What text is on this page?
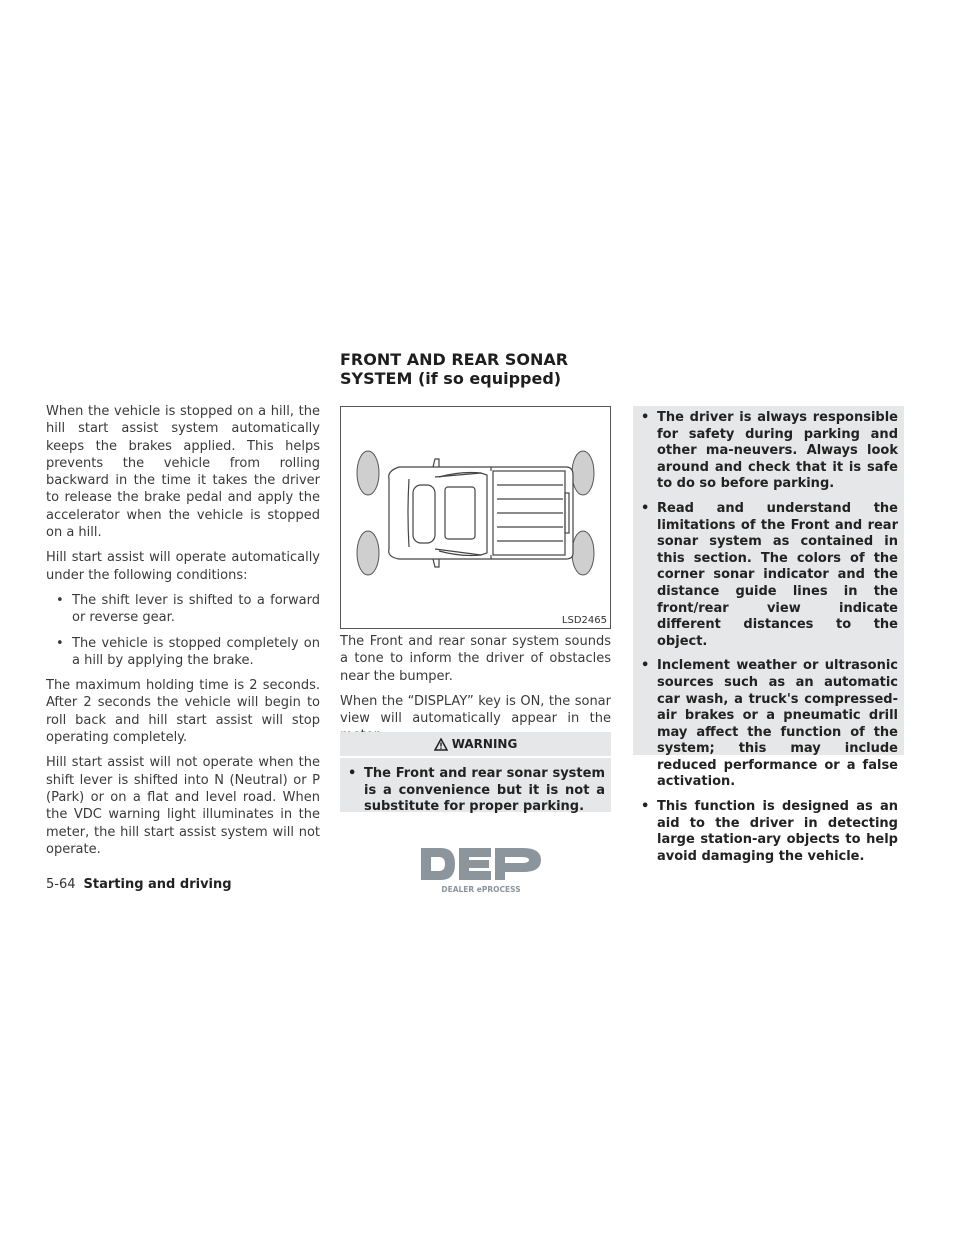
When the vehicle is stopped on a hill, the hill start assist system automatically keeps the brakes applied. This helps prevents the vehicle from rolling backward in the time it takes the driver to release the brake pedal and apply the accelerator when the vehicle is stopped on a hill.

Hill start assist will operate automatically under the following conditions:

• The shift lever is shifted to a forward or reverse gear.
• The vehicle is stopped completely on a hill by applying the brake.

The maximum holding time is 2 seconds. After 2 seconds the vehicle will begin to roll back and hill start assist will stop operating completely.

Hill start assist will not operate when the shift lever is shifted into N (Neutral) or P (Park) or on a flat and level road. When the VDC warning light illuminates in the meter, the hill start assist system will not operate.

FRONT AND REAR SONAR SYSTEM (if so equipped)
LSD2465

The Front and rear sonar system sounds a tone to inform the driver of obstacles near the bumper.

When the “DISPLAY” key is ON, the sonar view will automatically appear in the

WARNING
• The Front and rear sonar system is a convenience but it is not a substitute for proper parking.
• The driver is always responsible for safety during parking and other ma-neuvers. Always look around and check that it is safe to do so before parking.
• Read and understand the limitations of the Front and rear sonar system as contained in this section. The colors of the corner sonar indicator and the distance guide lines in the front/rear view indicate different distances to the object.
• Inclement weather or ultrasonic sources such as an automatic car wash, a truck's compressed-air brakes or a pneumatic drill may affect the function of the system; this may include reduced performance or a false activation.
• This function is designed as an aid to the driver in detecting large station-ary objects to help avoid damaging the vehicle.
5-64 Starting and driving	DEALER ePROCESS
